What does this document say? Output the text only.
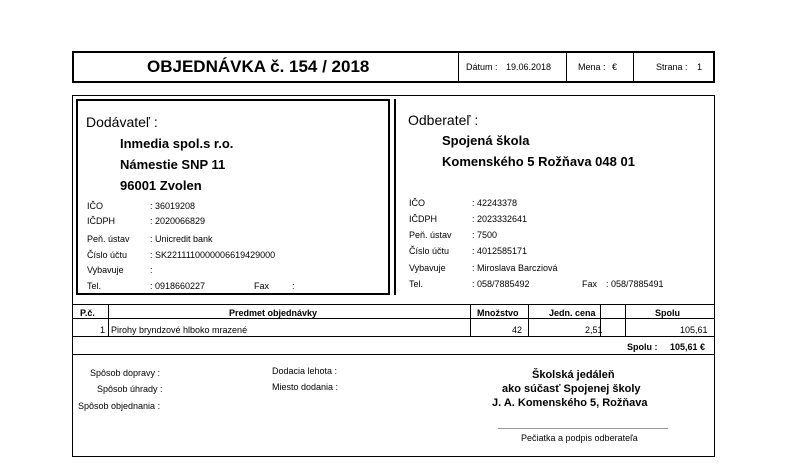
OBJEDNÁVKA č. 154 / 2018	Dátum : 19.06.2018	Mena : €	Strana : 1
Dodávateľ :
Inmedia spol.s r.o.
Námestie SNP 11
96001 Zvolen
IČO	: 36019208
IČDPH	: 2020066829
Peň. ústav : Unicredit bank
Číslo účtu	: SK2211110000006619429000
Vybavuje	:
Tel.	: 0918660227	Fax	:
Odberateľ :
Spojená škola
Komenského 5 Rožňava 048 01
IČO	: 42243378
IČDPH	: 2023332641
Peň. ústav : 7500
Číslo účtu	: 4012585171
Vybavuje	: Miroslava Barcziová
Tel.	: 058/7885492	Fax : 058/7885491
P.č.	Predmet objednávky	Množstvo	Jedn. cena	Spolu
1 Pirohy bryndzové hlboko mrazené	42	2,51	105,61
Spolu : 105,61 €
Spôsob dopravy :
Spôsob úhrady :
Spôsob objednania :
Dodacia lehota :
Miesto dodania :
Školská jedáleň
ako súčasť Spojenej školy
J. A. Komenského 5, Rožňava
Pečiatka a podpis odberateľa
